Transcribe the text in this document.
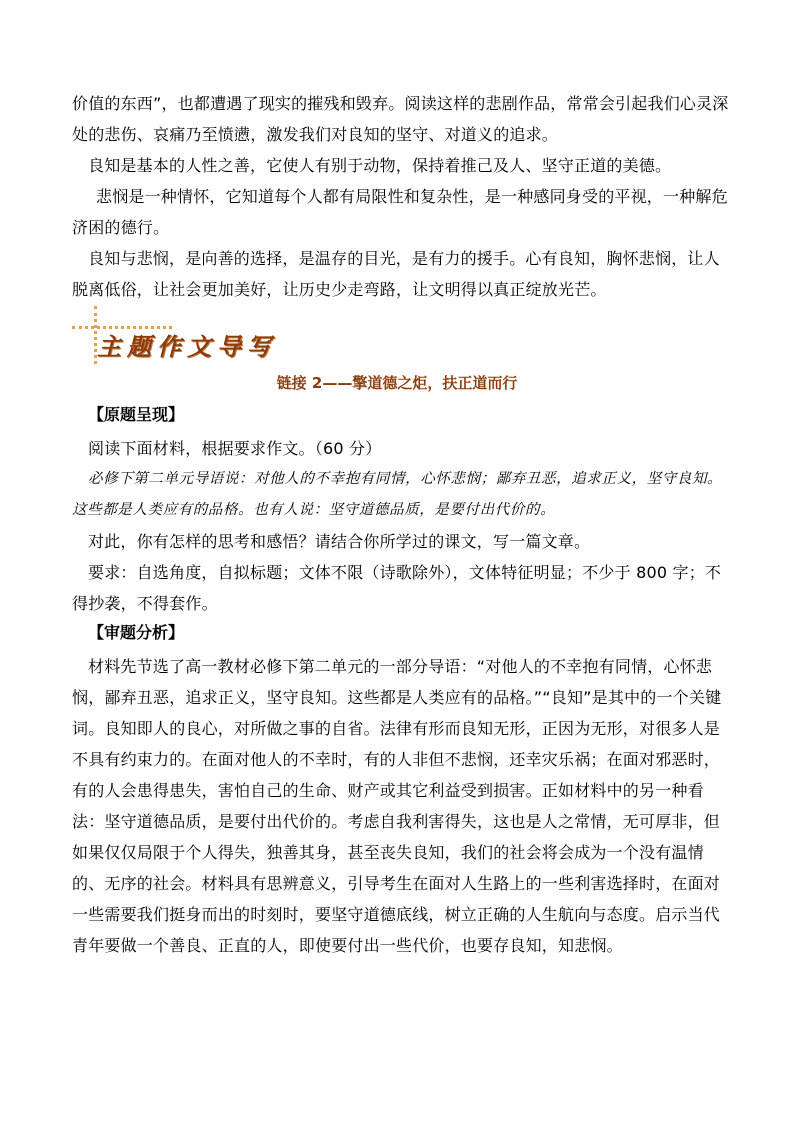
价值的东西”，也都遭遇了现实的摧残和毁弃。阅读这样的悲剧作品，常常会引起我们心灵深处的悲伤、哀痛乃至愤懑，激发我们对良知的坚守、对道义的追求。

良知是基本的人性之善，它使人有别于动物，保持着推己及人、坚守正道的美德。

悲悯是一种情怀，它知道每个人都有局限性和复杂性，是一种感同身受的平视，一种解危济困的德行。

良知与悲悯，是向善的选择，是温存的目光，是有力的援手。心有良知，胸怀悲悯，让人脱离低俗，让社会更加美好，让历史少走弯路，让文明得以真正绽放光芒。

主题作文导写

链接 2——擎道德之炬，扶正道而行

【原题呈现】

阅读下面材料，根据要求作文。（60 分）

必修下第二单元导语说：对他人的不幸抱有同情，心怀悲悯；鄙弃丑恶，追求正义，坚守良知。这些都是人类应有的品格。也有人说：坚守道德品质，是要付出代价的。

对此，你有怎样的思考和感悟？请结合你所学过的课文，写一篇文章。

要求：自选角度，自拟标题；文体不限（诗歌除外），文体特征明显；不少于 800 字；不得抄袭，不得套作。

【审题分析】

材料先节选了高一教材必修下第二单元的一部分导语：“对他人的不幸抱有同情，心怀悲悯，鄙弃丑恶，追求正义，坚守良知。这些都是人类应有的品格。”“良知”是其中的一个关键词。良知即人的良心，对所做之事的自省。法律有形而良知无形，正因为无形，对很多人是不具有约束力的。在面对他人的不幸时，有的人非但不悲悯，还幸灾乐祸；在面对邪恶时，有的人会患得患失，害怕自己的生命、财产或其它利益受到损害。正如材料中的另一种看法：坚守道德品质，是要付出代价的。考虑自我利害得失，这也是人之常情，无可厚非，但如果仅仅局限于个人得失，独善其身，甚至丧失良知，我们的社会将会成为一个没有温情的、无序的社会。材料具有思辨意义，引导考生在面对人生路上的一些利害选择时，在面对一些需要我们挺身而出的时刻时，要坚守道德底线，树立正确的人生航向与态度。启示当代青年要做一个善良、正直的人，即使要付出一些代价，也要存良知，知悲悯。
